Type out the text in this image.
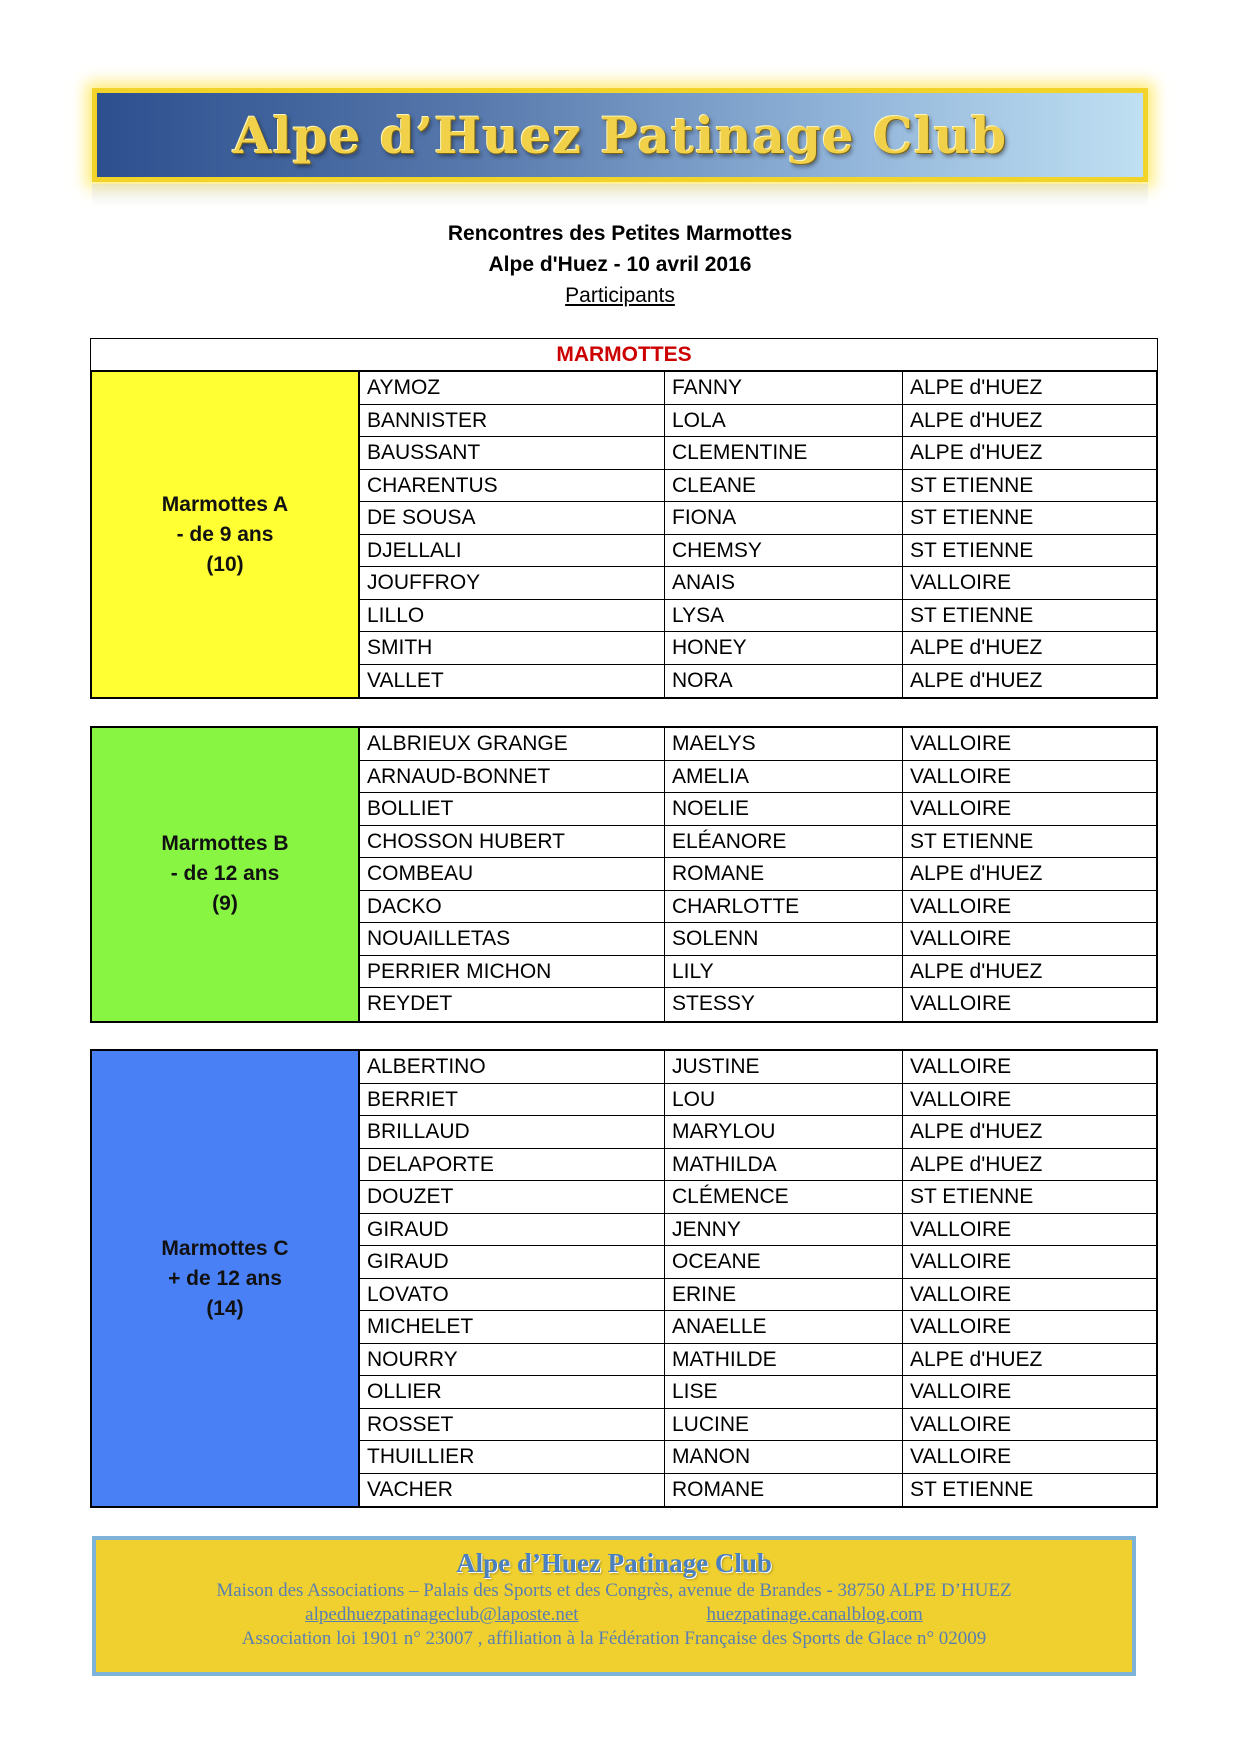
Alpe d’Huez Patinage Club
Rencontres des Petites Marmottes
Alpe d'Huez - 10 avril 2016
Participants
MARMOTTES
Marmottes A
- de 9 ans
(10)
AYMOZ	FANNY	ALPE d'HUEZ
BANNISTER	LOLA	ALPE d'HUEZ
BAUSSANT	CLEMENTINE	ALPE d'HUEZ
CHARENTUS	CLEANE	ST ETIENNE
DE SOUSA	FIONA	ST ETIENNE
DJELLALI	CHEMSY	ST ETIENNE
JOUFFROY	ANAIS	VALLOIRE
LILLO	LYSA	ST ETIENNE
SMITH	HONEY	ALPE d'HUEZ
VALLET	NORA	ALPE d'HUEZ
Marmottes B
- de 12 ans
(9)
ALBRIEUX GRANGE	MAELYS	VALLOIRE
ARNAUD-BONNET	AMELIA	VALLOIRE
BOLLIET	NOELIE	VALLOIRE
CHOSSON HUBERT	ELÉANORE	ST ETIENNE
COMBEAU	ROMANE	ALPE d'HUEZ
DACKO	CHARLOTTE	VALLOIRE
NOUAILLETAS	SOLENN	VALLOIRE
PERRIER MICHON	LILY	ALPE d'HUEZ
REYDET	STESSY	VALLOIRE
Marmottes C
+ de 12 ans
(14)
ALBERTINO	JUSTINE	VALLOIRE
BERRIET	LOU	VALLOIRE
BRILLAUD	MARYLOU	ALPE d'HUEZ
DELAPORTE	MATHILDA	ALPE d'HUEZ
DOUZET	CLÉMENCE	ST ETIENNE
GIRAUD	JENNY	VALLOIRE
GIRAUD	OCEANE	VALLOIRE
LOVATO	ERINE	VALLOIRE
MICHELET	ANAELLE	VALLOIRE
NOURRY	MATHILDE	ALPE d'HUEZ
OLLIER	LISE	VALLOIRE
ROSSET	LUCINE	VALLOIRE
THUILLIER	MANON	VALLOIRE
VACHER	ROMANE	ST ETIENNE
Alpe d’Huez Patinage Club
Maison des Associations – Palais des Sports et des Congrès, avenue de Brandes - 38750 ALPE D’HUEZ
alpedhuezpatinageclub@laposte.net	huezpatinage.canalblog.com
Association loi 1901 n° 23007 , affiliation à la Fédération Française des Sports de Glace n° 02009
